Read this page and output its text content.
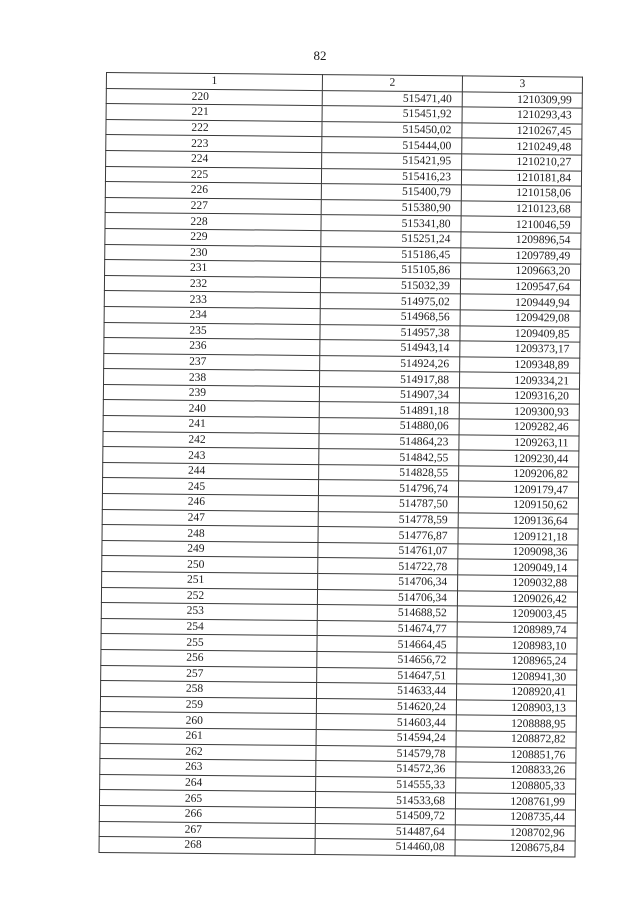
82
1	2	3
220	515471,40	1210309,99
221	515451,92	1210293,43
222	515450,02	1210267,45
223	515444,00	1210249,48
224	515421,95	1210210,27
225	515416,23	1210181,84
226	515400,79	1210158,06
227	515380,90	1210123,68
228	515341,80	1210046,59
229	515251,24	1209896,54
230	515186,45	1209789,49
231	515105,86	1209663,20
232	515032,39	1209547,64
233	514975,02	1209449,94
234	514968,56	1209429,08
235	514957,38	1209409,85
236	514943,14	1209373,17
237	514924,26	1209348,89
238	514917,88	1209334,21
239	514907,34	1209316,20
240	514891,18	1209300,93
241	514880,06	1209282,46
242	514864,23	1209263,11
243	514842,55	1209230,44
244	514828,55	1209206,82
245	514796,74	1209179,47
246	514787,50	1209150,62
247	514778,59	1209136,64
248	514776,87	1209121,18
249	514761,07	1209098,36
250	514722,78	1209049,14
251	514706,34	1209032,88
252	514706,34	1209026,42
253	514688,52	1209003,45
254	514674,77	1208989,74
255	514664,45	1208983,10
256	514656,72	1208965,24
257	514647,51	1208941,30
258	514633,44	1208920,41
259	514620,24	1208903,13
260	514603,44	1208888,95
261	514594,24	1208872,82
262	514579,78	1208851,76
263	514572,36	1208833,26
264	514555,33	1208805,33
265	514533,68	1208761,99
266	514509,72	1208735,44
267	514487,64	1208702,96
268	514460,08	1208675,84
